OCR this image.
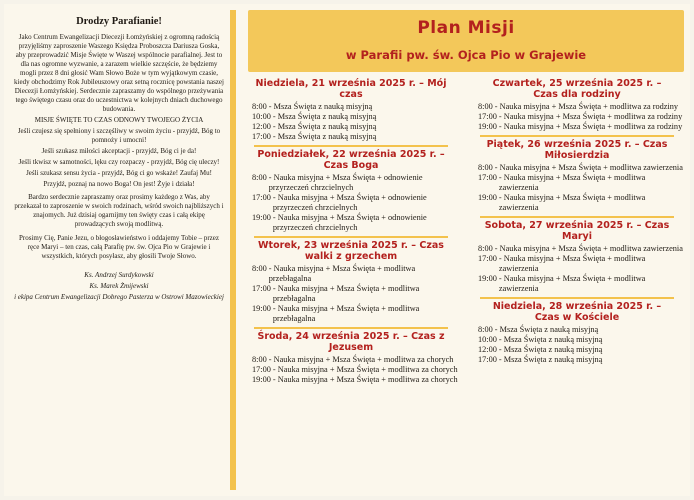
Drodzy Parafianie!

Jako Centrum Ewangelizacji Diecezji Łomżyńskiej z ogromną radością przyjęliśmy zaproszenie Waszego Księdza Proboszcza Dariusza Goska, aby przeprowadzić Misje Święte w Waszej wspólnocie parafialnej. Jest to dla nas ogromne wyzwanie, a zarazem wielkie szczęście, że będziemy mogli przez 8 dni głosić Wam Słowo Boże w tym wyjątkowym czasie, kiedy obchodzimy Rok Jubileuszowy oraz setną rocznicę powstania naszej Diecezji Łomżyńskiej. Serdecznie zapraszamy do wspólnego przeżywania tego świętego czasu oraz do uczestnictwa w kolejnych dniach duchowego budowania.

MISJE ŚWIĘTE TO CZAS ODNOWY TWOJEGO ŻYCIA

Jeśli czujesz się spełniony i szczęśliwy w swoim życiu - przyjdź, Bóg to pomnoży i umocni!

Jeśli szukasz miłości akceptacji - przyjdź, Bóg ci je da!

Jeśli tkwisz w samotności, lęku czy rozpaczy - przyjdź, Bóg cię uleczy!

Jeśli szukasz sensu życia - przyjdź, Bóg ci go wskaże! Zaufaj Mu!

Przyjdź, poznaj na nowo Boga! On jest! Żyje i działa!

Bardzo serdecznie zapraszamy oraz prosimy każdego z Was, aby przekazał to zaproszenie w swoich rodzinach, wśród swoich najbliższych i znajomych. Już dzisiaj ogarnijmy ten święty czas i całą ekipę prowadzących swoją modlitwą.

Prosimy Cię, Panie Jezu, o błogosławieństwo i oddajemy Tobie – przez ręce Maryi – ten czas, całą Parafię pw. św. Ojca Pio w Grajewie i wszystkich, których posyłasz, aby głosili Twoje Słowo.

Ks. Andrzej Surdykowski

Ks. Marek Żmijewski

i ekipa Centrum Ewangelizacji Dobrego Pasterza w Ostrowi Mazowieckiej

Plan Misji
w Parafii pw. św. Ojca Pio w Grajewie
Niedziela, 21 września 2025 r. – Mój czas
8:00 - Msza Święta z nauką misyjną
10:00 - Msza Święta z nauką misyjną
12:00 - Msza Święta z nauką misyjną
17:00 - Msza Święta z nauką misyjną
Poniedziałek, 22 września 2025 r. – Czas Boga
8:00 - Nauka misyjna + Msza Święta + odnowienie przyrzeczeń chrzcielnych
17:00 - Nauka misyjna + Msza Święta + odnowienie przyrzeczeń chrzcielnych
19:00 - Nauka misyjna + Msza Święta + odnowienie przyrzeczeń chrzcielnych
Wtorek, 23 września 2025 r. – Czas walki z grzechem
8:00 - Nauka misyjna + Msza Święta + modlitwa przebłagalna
17:00 - Nauka misyjna + Msza Święta + modlitwa przebłagalna
19:00 - Nauka misyjna + Msza Święta + modlitwa przebłagalna
Środa, 24 września 2025 r. – Czas z Jezusem
8:00 - Nauka misyjna + Msza Święta + modlitwa za chorych
17:00 - Nauka misyjna + Msza Święta + modlitwa za chorych
19:00 - Nauka misyjna + Msza Święta + modlitwa za chorych
Czwartek, 25 września 2025 r. – Czas dla rodziny
8:00 - Nauka misyjna + Msza Święta + modlitwa za rodziny
17:00 - Nauka misyjna + Msza Święta + modlitwa za rodziny
19:00 - Nauka misyjna + Msza Święta + modlitwa za rodziny
Piątek, 26 września 2025 r. – Czas Miłosierdzia
8:00 - Nauka misyjna + Msza Święta + modlitwa zawierzenia
17:00 - Nauka misyjna + Msza Święta + modlitwa zawierzenia
19:00 - Nauka misyjna + Msza Święta + modlitwa zawierzenia
Sobota, 27 września 2025 r. – Czas Maryi
8:00 - Nauka misyjna + Msza Święta + modlitwa zawierzenia
17:00 - Nauka misyjna + Msza Święta + modlitwa zawierzenia
19:00 - Nauka misyjna + Msza Święta + modlitwa zawierzenia
Niedziela, 28 września 2025 r. – Czas w Kościele
8:00 - Msza Święta z nauką misyjną
10:00 - Msza Święta z nauką misyjną
12:00 - Msza Święta z nauką misyjną
17:00 - Msza Święta z nauką misyjną
